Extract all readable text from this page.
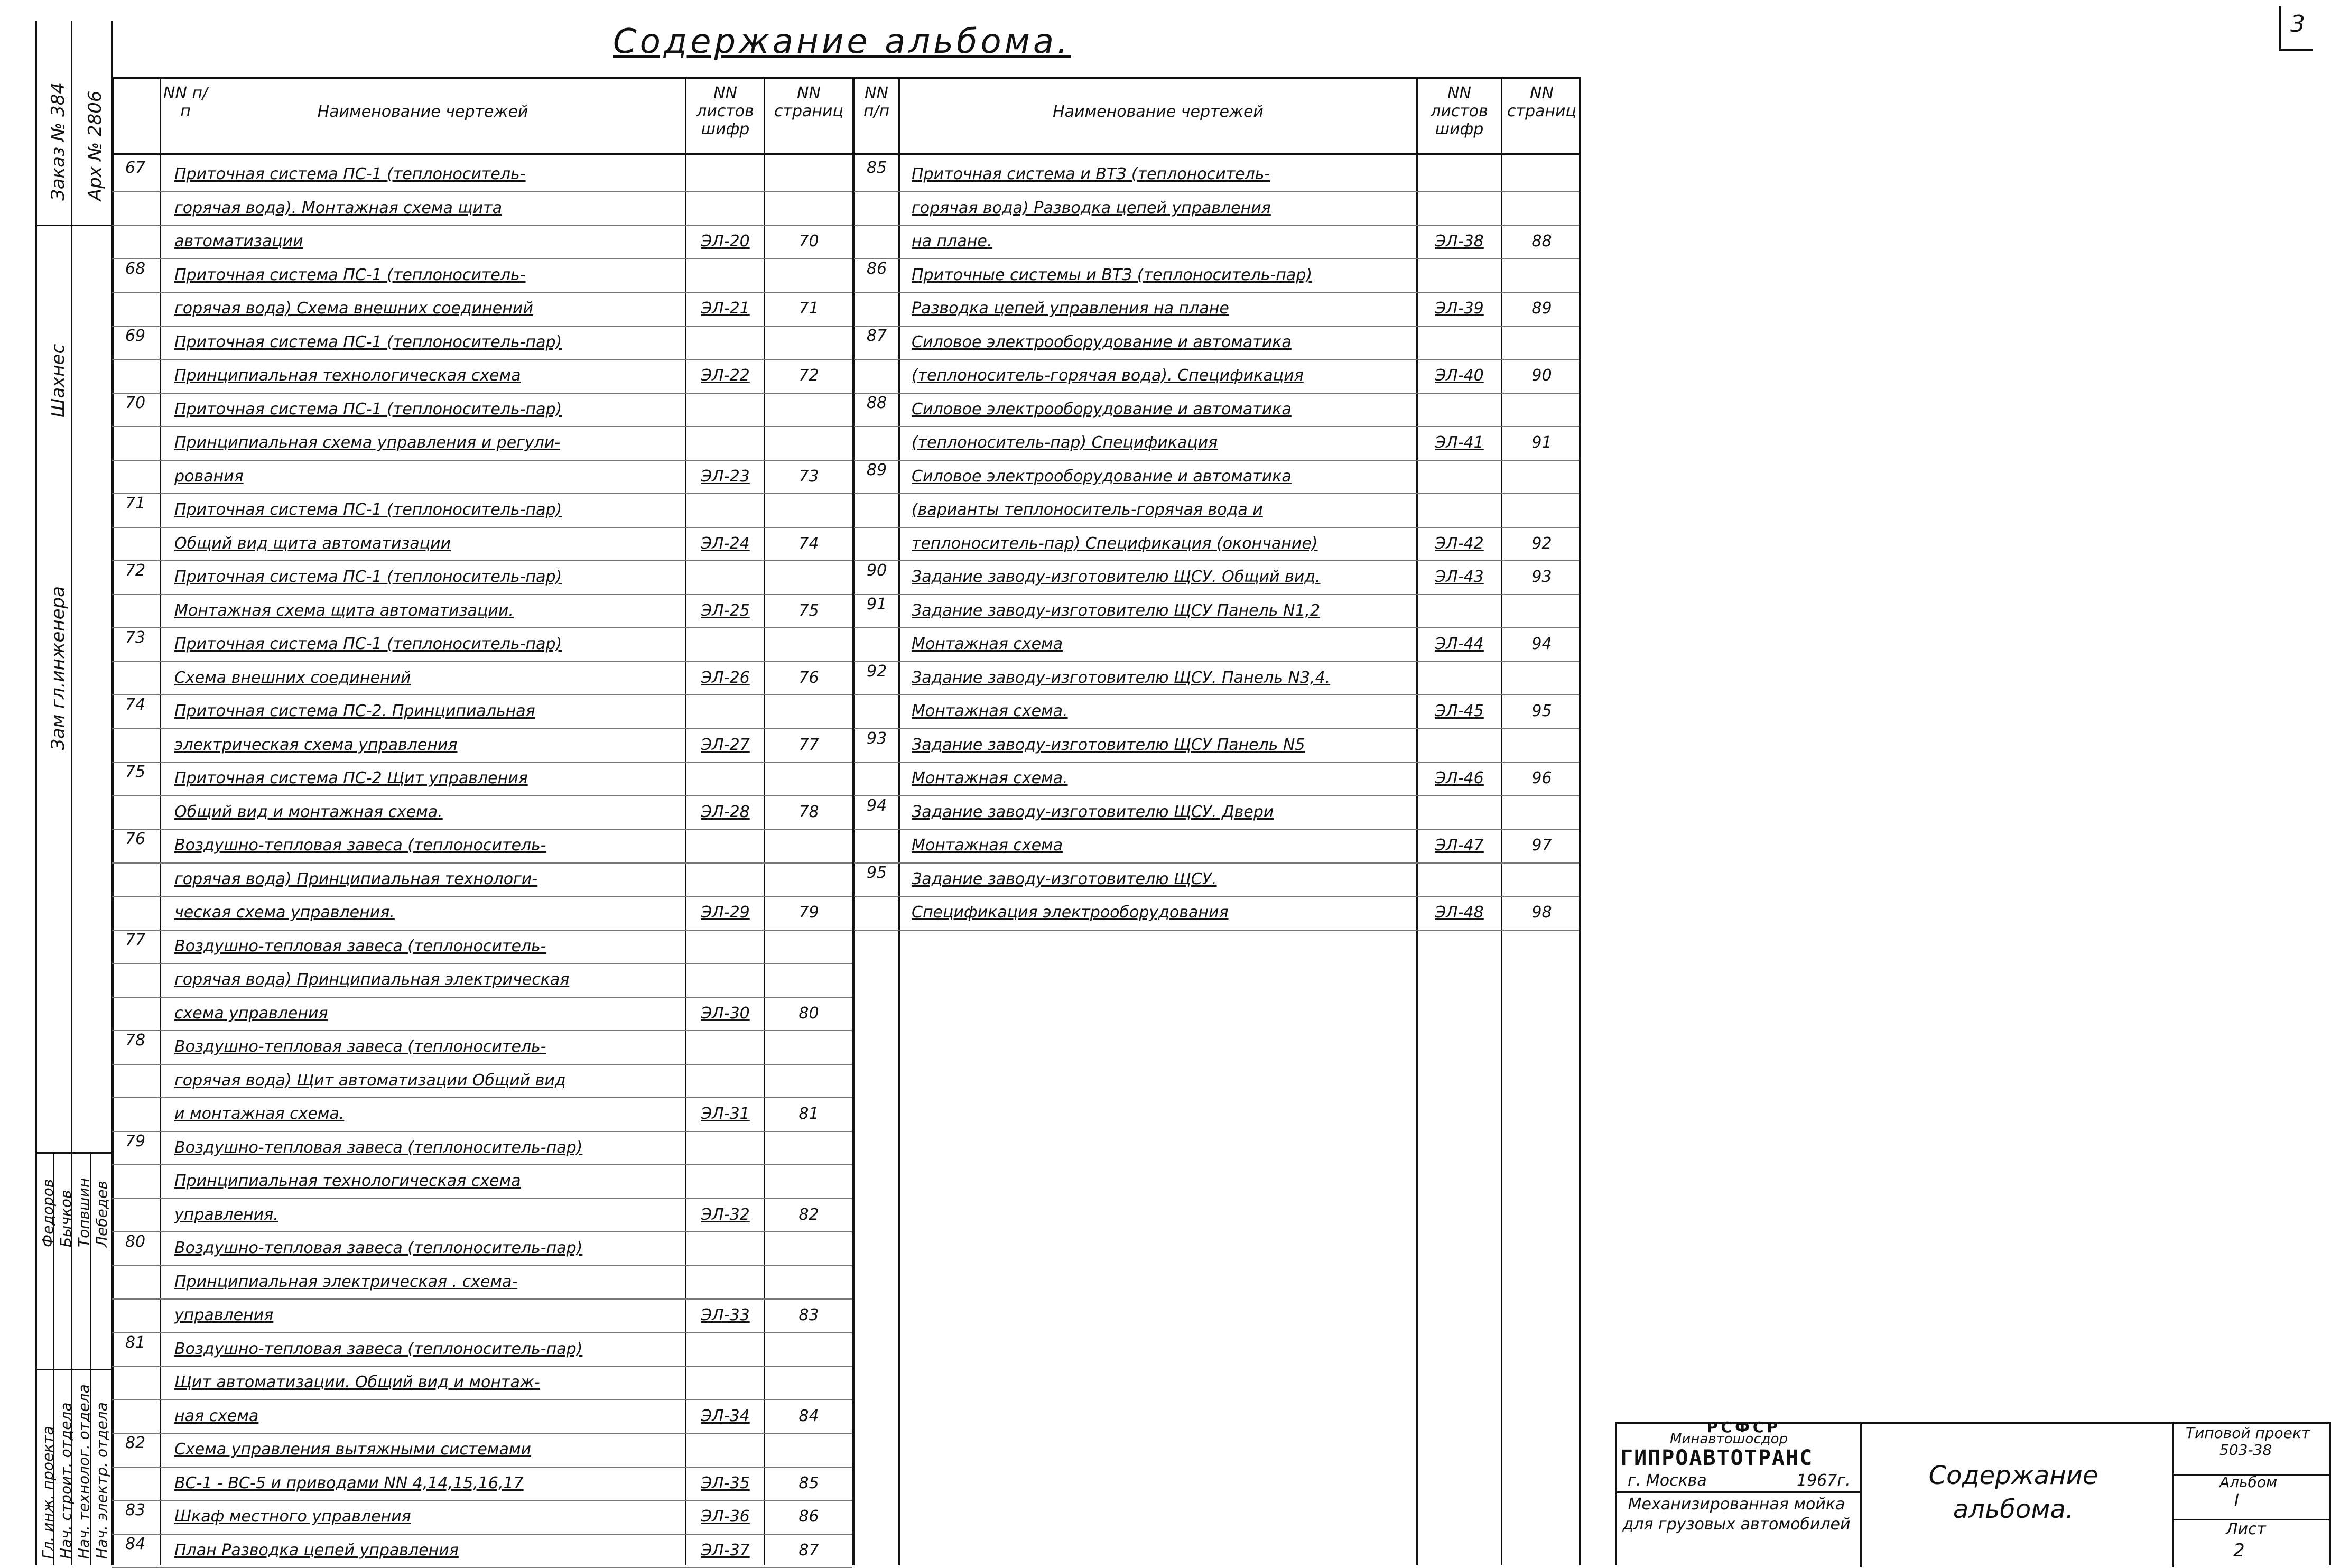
3
Содержание альбома.
Заказ № 384 Арх № 2806
Зам гл.инженера
Шахнес
Гл. инж. проекта Нач. строит. отдела Нач. технолог. отдела Нач. электр. отдела
Федоров Бычков Топвшин Лебедев
NN п/п	Наименование чертежей
NN листов шифр
NN страниц
NN п/п	Наименование чертежей
NN листов шифр
NN страниц
67	Приточная система ПС-1 (теплоноситель-
горячая вода). Монтажная схема щита
автоматизации	ЭЛ-20	70
68	Приточная система ПС-1 (теплоноситель-
горячая вода) Схема внешних соединений	ЭЛ-21	71
69	Приточная система ПС-1 (теплоноситель-пар)
Принципиальная технологическая схема	ЭЛ-22	72
70	Приточная система ПС-1 (теплоноситель-пар)
Принципиальная схема управления и регули-
рования	ЭЛ-23	73
71	Приточная система ПС-1 (теплоноситель-пар)
Общий вид щита автоматизации	ЭЛ-24	74
72	Приточная система ПС-1 (теплоноситель-пар)
Монтажная схема щита автоматизации.	ЭЛ-25	75
73	Приточная система ПС-1 (теплоноситель-пар)
Схема внешних соединений	ЭЛ-26	76
74	Приточная система ПС-2. Принципиальная
электрическая схема управления	ЭЛ-27	77
75	Приточная система ПС-2 Щит управления
Общий вид и монтажная схема.	ЭЛ-28	78
76	Воздушно-тепловая завеса (теплоноситель-
горячая вода) Принципиальная технологи-
ческая схема управления.	ЭЛ-29	79
77	Воздушно-тепловая завеса (теплоноситель-
горячая вода) Принципиальная электрическая
схема управления	ЭЛ-30	80
78	Воздушно-тепловая завеса (теплоноситель-
горячая вода) Щит автоматизации Общий вид
и монтажная схема.	ЭЛ-31	81
79	Воздушно-тепловая завеса (теплоноситель-пар)
Принципиальная технологическая схема
управления.	ЭЛ-32	82
80	Воздушно-тепловая завеса (теплоноситель-пар)
Принципиальная электрическая . схема-
управления	ЭЛ-33	83
81	Воздушно-тепловая завеса (теплоноситель-пар)
Щит автоматизации. Общий вид и монтаж-
ная схема	ЭЛ-34	84
82	Схема управления вытяжными системами
ВС-1 - ВС-5 и приводами NN 4,14,15,16,17	ЭЛ-35	85
83	Шкаф местного управления	ЭЛ-36	86
84	План Разводка цепей управления	ЭЛ-37	87
85	Приточная система и ВТЗ (теплоноситель-
горячая вода) Разводка цепей управления
на плане.	ЭЛ-38	88
86	Приточные системы и ВТЗ (теплоноситель-пар)
Разводка цепей управления на плане	ЭЛ-39	89
87	Силовое электрооборудование и автоматика
(теплоноситель-горячая вода). Спецификация	ЭЛ-40	90
88	Силовое электрооборудование и автоматика
(теплоноситель-пар) Спецификация	ЭЛ-41	91
89	Силовое электрооборудование и автоматика
(варианты теплоноситель-горячая вода и
теплоноситель-пар) Спецификация (окончание)	ЭЛ-42	92
90	Задание заводу-изготовителю ЩСУ. Общий вид.	ЭЛ-43	93
91	Задание заводу-изготовителю ЩСУ Панель N1,2
Монтажная схема	ЭЛ-44	94
92	Задание заводу-изготовителю ЩСУ. Панель N3,4.
Монтажная схема.	ЭЛ-45	95
93	Задание заводу-изготовителю ЩСУ Панель N5
Монтажная схема.	ЭЛ-46	96
94	Задание заводу-изготовителю ЩСУ. Двери
Монтажная схема	ЭЛ-47	97
95	Задание заводу-изготовителю ЩСУ.
Спецификация электрооборудования	ЭЛ-48	98
РСФСР
Минавтошосдор
ГИПРОАВТОТРАНС
г. Москва	1967г.
Механизированная мойка для грузовых автомобилей
Содержание альбома.
Типовой проект
503-38
Альбом
I
Лист
2
